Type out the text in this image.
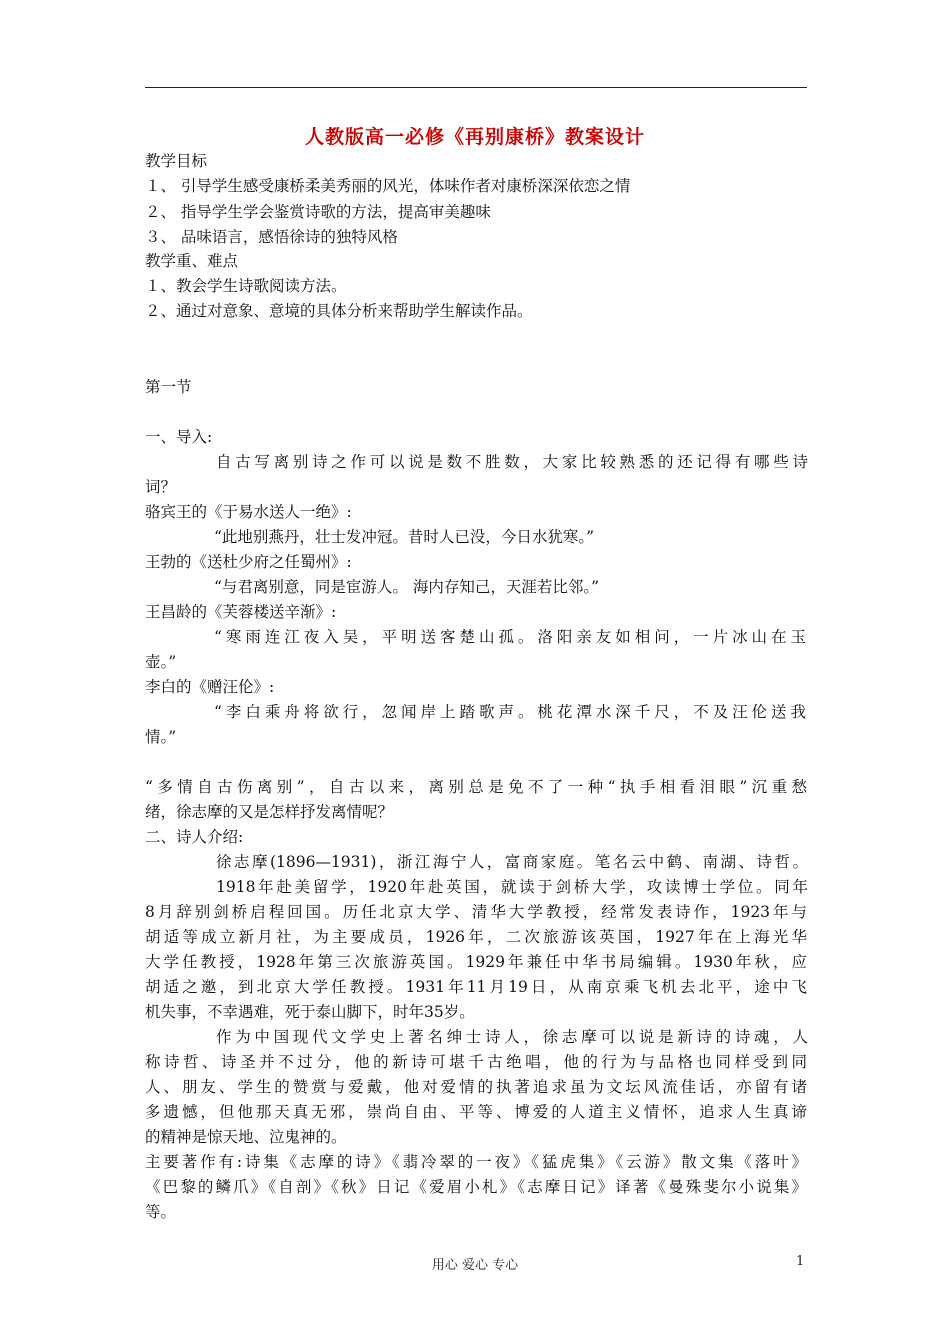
人教版高一必修《再别康桥》教案设计
教学目标
１、 引导学生感受康桥柔美秀丽的风光，体味作者对康桥深深依恋之情
２、 指导学生学会鉴赏诗歌的方法，提高审美趣味
３、 品味语言，感悟徐诗的独特风格
教学重、难点
１、教会学生诗歌阅读方法。
２、通过对意象、意境的具体分析来帮助学生解读作品。
第一节
一、导入:
自古写离别诗之作可以说是数不胜数，大家比较熟悉的还记得有哪些诗
词？
骆宾王的《于易水送人一绝》:
“此地别燕丹，壮士发冲冠。昔时人已没，今日水犹寒。”
王勃的《送杜少府之任蜀州》:
“与君离别意，同是宦游人。 海内存知己，天涯若比邻。”
王昌龄的《芙蓉楼送辛渐》:
“寒雨连江夜入吴，平明送客楚山孤。洛阳亲友如相问，一片冰山在玉
壶。”
李白的《赠汪伦》:
“李白乘舟将欲行，忽闻岸上踏歌声。桃花潭水深千尺，不及汪伦送我
情。”
“多情自古伤离别”，自古以来，离别总是免不了一种“执手相看泪眼”沉重愁
绪，徐志摩的又是怎样抒发离情呢？
二、诗人介绍:
徐志摩(1896—1931)，浙江海宁人，富商家庭。笔名云中鹤、南湖、诗哲。
1918年赴美留学，1920年赴英国，就读于剑桥大学，攻读博士学位。同年
8月辞别剑桥启程回国。历任北京大学、清华大学教授，经常发表诗作，1923年与
胡适等成立新月社，为主要成员，1926年，二次旅游该英国，1927年在上海光华
大学任教授，1928年第三次旅游英国。1929年兼任中华书局编辑。1930年秋，应
胡适之邀，到北京大学任教授。1931年11月19日，从南京乘飞机去北平，途中飞
机失事，不幸遇难，死于泰山脚下，时年35岁。
作为中国现代文学史上著名绅士诗人，徐志摩可以说是新诗的诗魂，人
称诗哲、诗圣并不过分，他的新诗可堪千古绝唱，他的行为与品格也同样受到同
人、朋友、学生的赞赏与爱戴，他对爱情的执著追求虽为文坛风流佳话，亦留有诸
多遗憾，但他那天真无邪，崇尚自由、平等、博爱的人道主义情怀，追求人生真谛
的精神是惊天地、泣鬼神的。
主要著作有:诗集《志摩的诗》《翡冷翠的一夜》《猛虎集》《云游》散文集《落叶》
《巴黎的鳞爪》《自剖》《秋》日记《爱眉小札》《志摩日记》译著《曼殊斐尔小说集》
等。
用心 爱心 专心	1
